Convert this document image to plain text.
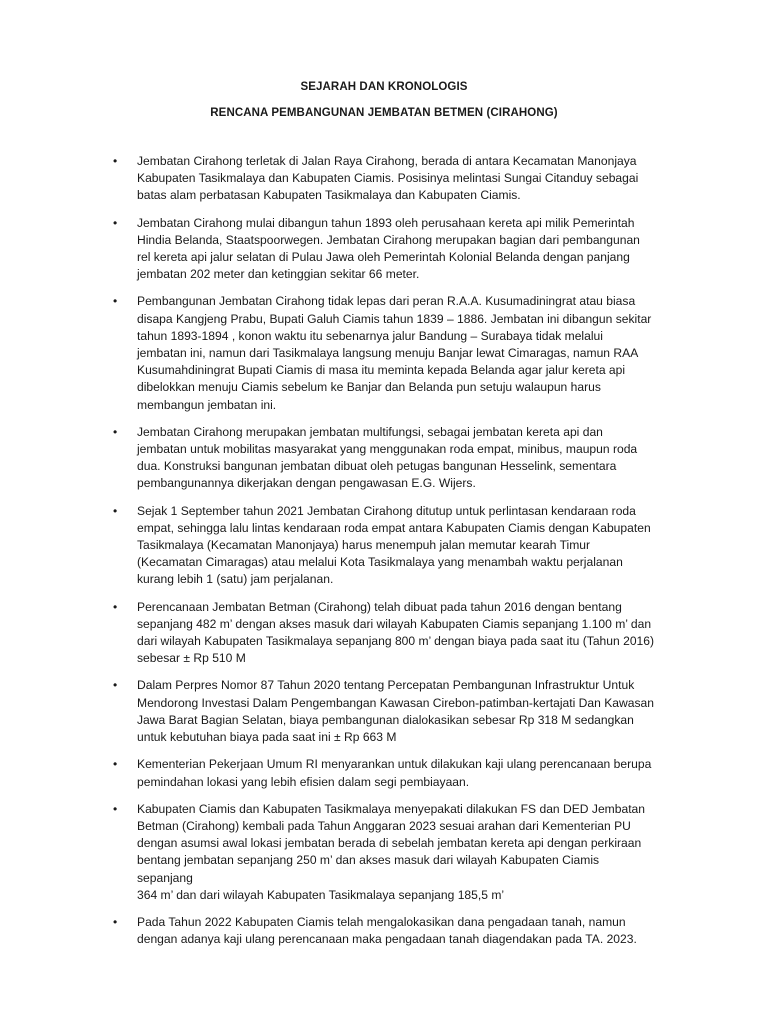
SEJARAH DAN KRONOLOGIS
RENCANA PEMBANGUNAN JEMBATAN BETMEN (CIRAHONG)
• Jembatan Cirahong terletak di Jalan Raya Cirahong, berada di antara Kecamatan Manonjaya
Kabupaten Tasikmalaya dan Kabupaten Ciamis. Posisinya melintasi Sungai Citanduy sebagai
batas alam perbatasan Kabupaten Tasikmalaya dan Kabupaten Ciamis.
• Jembatan Cirahong mulai dibangun tahun 1893 oleh perusahaan kereta api milik Pemerintah
Hindia Belanda, Staatspoorwegen. Jembatan Cirahong merupakan bagian dari pembangunan
rel kereta api jalur selatan di Pulau Jawa oleh Pemerintah Kolonial Belanda dengan panjang
jembatan 202 meter dan ketinggian sekitar 66 meter.
• Pembangunan Jembatan Cirahong tidak lepas dari peran R.A.A. Kusumadiningrat atau biasa
disapa Kangjeng Prabu, Bupati Galuh Ciamis tahun 1839 – 1886. Jembatan ini dibangun sekitar
tahun 1893-1894 , konon waktu itu sebenarnya jalur Bandung – Surabaya tidak melalui
jembatan ini, namun dari Tasikmalaya langsung menuju Banjar lewat Cimaragas, namun RAA
Kusumahdiningrat Bupati Ciamis di masa itu meminta kepada Belanda agar jalur kereta api
dibelokkan menuju Ciamis sebelum ke Banjar dan Belanda pun setuju walaupun harus
membangun jembatan ini.
• Jembatan Cirahong merupakan jembatan multifungsi, sebagai jembatan kereta api dan
jembatan untuk mobilitas masyarakat yang menggunakan roda empat, minibus, maupun roda
dua. Konstruksi bangunan jembatan dibuat oleh petugas bangunan Hesselink, sementara
pembangunannya dikerjakan dengan pengawasan E.G. Wijers.
• Sejak 1 September tahun 2021 Jembatan Cirahong ditutup untuk perlintasan kendaraan roda
empat, sehingga lalu lintas kendaraan roda empat antara Kabupaten Ciamis dengan Kabupaten
Tasikmalaya (Kecamatan Manonjaya) harus menempuh jalan memutar kearah Timur
(Kecamatan Cimaragas) atau melalui Kota Tasikmalaya yang menambah waktu perjalanan
kurang lebih 1 (satu) jam perjalanan.
• Perencanaan Jembatan Betman (Cirahong) telah dibuat pada tahun 2016 dengan bentang
sepanjang 482 m’ dengan akses masuk dari wilayah Kabupaten Ciamis sepanjang 1.100 m’ dan
dari wilayah Kabupaten Tasikmalaya sepanjang 800 m’ dengan biaya pada saat itu (Tahun 2016)
sebesar ± Rp 510 M
• Dalam Perpres Nomor 87 Tahun 2020 tentang Percepatan Pembangunan Infrastruktur Untuk
Mendorong Investasi Dalam Pengembangan Kawasan Cirebon-patimban-kertajati Dan Kawasan
Jawa Barat Bagian Selatan, biaya pembangunan dialokasikan sebesar Rp 318 M sedangkan
untuk kebutuhan biaya pada saat ini ± Rp 663 M
• Kementerian Pekerjaan Umum RI menyarankan untuk dilakukan kaji ulang perencanaan berupa
pemindahan lokasi yang lebih efisien dalam segi pembiayaan.
• Kabupaten Ciamis dan Kabupaten Tasikmalaya menyepakati dilakukan FS dan DED Jembatan
Betman (Cirahong) kembali pada Tahun Anggaran 2023 sesuai arahan dari Kementerian PU
dengan asumsi awal lokasi jembatan berada di sebelah jembatan kereta api dengan perkiraan
bentang jembatan sepanjang 250 m’ dan akses masuk dari wilayah Kabupaten Ciamis sepanjang
364 m’ dan dari wilayah Kabupaten Tasikmalaya sepanjang 185,5 m’
• Pada Tahun 2022 Kabupaten Ciamis telah mengalokasikan dana pengadaan tanah, namun
dengan adanya kaji ulang perencanaan maka pengadaan tanah diagendakan pada TA. 2023.
